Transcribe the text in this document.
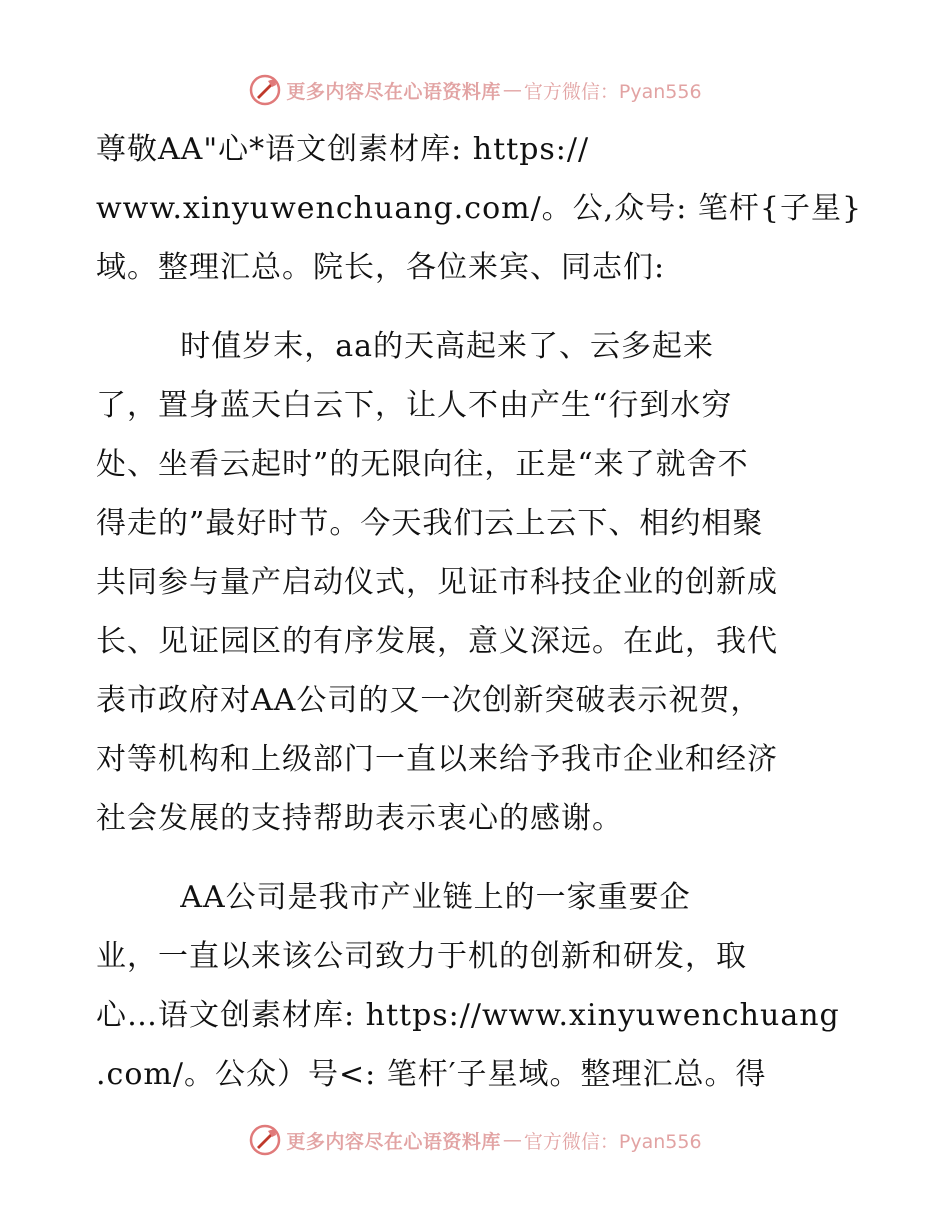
更多内容尽在心语资料库 — 官方微信：Pyan556
尊敬AA"心*语文创素材库: https://
www.xinyuwenchuang.com/。公,众号: 笔杆{子星}
域。整理汇总。院长，各位来宾、同志们:
时值岁末，aa的天高起来了、云多起来
了，置身蓝天白云下，让人不由产生“行到水穷
处、坐看云起时”的无限向往，正是“来了就舍不
得走的”最好时节。今天我们云上云下、相约相聚
共同参与量产启动仪式，见证市科技企业的创新成
长、见证园区的有序发展，意义深远。在此，我代
表市政府对AA公司的又一次创新突破表示祝贺，
对等机构和上级部门一直以来给予我市企业和经济
社会发展的支持帮助表示衷心的感谢。
AA公司是我市产业链上的一家重要企
业，一直以来该公司致力于机的创新和研发，取
心…语文创素材库: https://www.xinyuwenchuang
.com/。公众）号<: 笔杆′子星域。整理汇总。得
更多内容尽在心语资料库 — 官方微信：Pyan556
